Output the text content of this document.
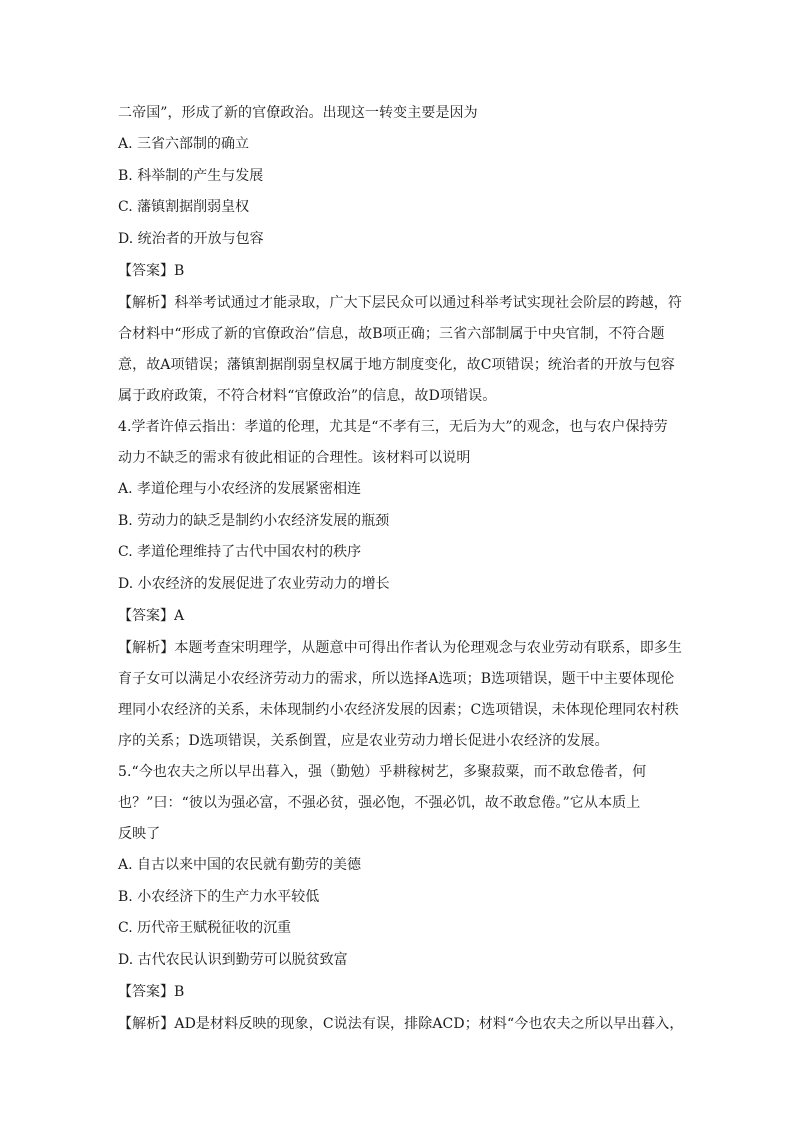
二帝国”，形成了新的官僚政治。出现这一转变主要是因为
A. 三省六部制的确立
B. 科举制的产生与发展
C. 藩镇割据削弱皇权
D. 统治者的开放与包容
【答案】B
【解析】科举考试通过才能录取，广大下层民众可以通过科举考试实现社会阶层的跨越，符
合材料中“形成了新的官僚政治”信息，故B项正确；三省六部制属于中央官制，不符合题
意，故A项错误；藩镇割据削弱皇权属于地方制度变化，故C项错误；统治者的开放与包容
属于政府政策，不符合材料“官僚政治”的信息，故D项错误。
4.学者许倬云指出：孝道的伦理，尤其是“不孝有三，无后为大”的观念，也与农户保持劳
动力不缺乏的需求有彼此相证的合理性。该材料可以说明
A. 孝道伦理与小农经济的发展紧密相连
B. 劳动力的缺乏是制约小农经济发展的瓶颈
C. 孝道伦理维持了古代中国农村的秩序
D. 小农经济的发展促进了农业劳动力的增长
【答案】A
【解析】本题考查宋明理学，从题意中可得出作者认为伦理观念与农业劳动有联系，即多生
育子女可以满足小农经济劳动力的需求，所以选择A选项；B选项错误，题干中主要体现伦
理同小农经济的关系，未体现制约小农经济发展的因素；C选项错误，未体现伦理同农村秩
序的关系；D选项错误，关系倒置，应是农业劳动力增长促进小农经济的发展。
5.“今也农夫之所以早出暮入，强（勤勉）乎耕稼树艺，多聚菽粟，而不敢怠倦者，何
也？”曰：“彼以为强必富，不强必贫，强必饱，不强必饥，故不敢怠倦。”它从本质上
反映了
A. 自古以来中国的农民就有勤劳的美德
B. 小农经济下的生产力水平较低
C. 历代帝王赋税征收的沉重
D. 古代农民认识到勤劳可以脱贫致富
【答案】B
【解析】AD是材料反映的现象，C说法有误，排除ACD；材料“今也农夫之所以早出暮入，
